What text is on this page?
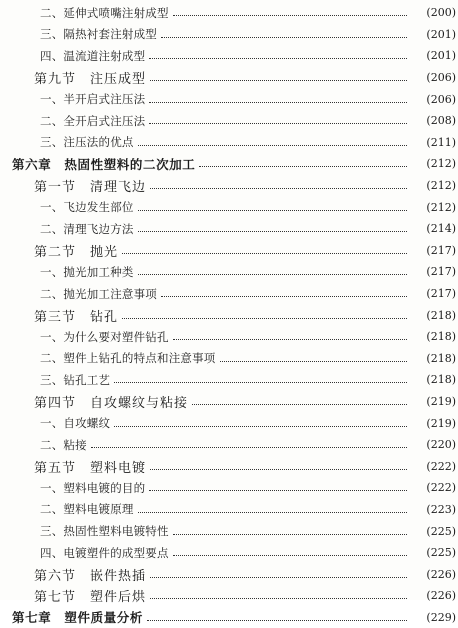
二、延伸式喷嘴注射成型	(200)
三、隔热衬套注射成型	(201)
四、温流道注射成型	(201)
第九节　注压成型	(206)
一、半开启式注压法	(206)
二、全开启式注压法	(208)
三、注压法的优点	(211)
第六章　热固性塑料的二次加工	(212)
第一节　清理飞边	(212)
一、飞边发生部位	(212)
二、清理飞边方法	(214)
第二节　抛光	(217)
一、抛光加工种类	(217)
二、抛光加工注意事项	(217)
第三节　钻孔	(218)
一、为什么要对塑件钻孔	(218)
二、塑件上钻孔的特点和注意事项	(218)
三、钻孔工艺	(218)
第四节　自攻螺纹与粘接	(219)
一、自攻螺纹	(219)
二、粘接	(220)
第五节　塑料电镀	(222)
一、塑料电镀的目的	(222)
二、塑料电镀原理	(223)
三、热固性塑料电镀特性	(225)
四、电镀塑件的成型要点	(225)
第六节　嵌件热插	(226)
第七节　塑件后烘	(226)
第七章　塑件质量分析	(229)
